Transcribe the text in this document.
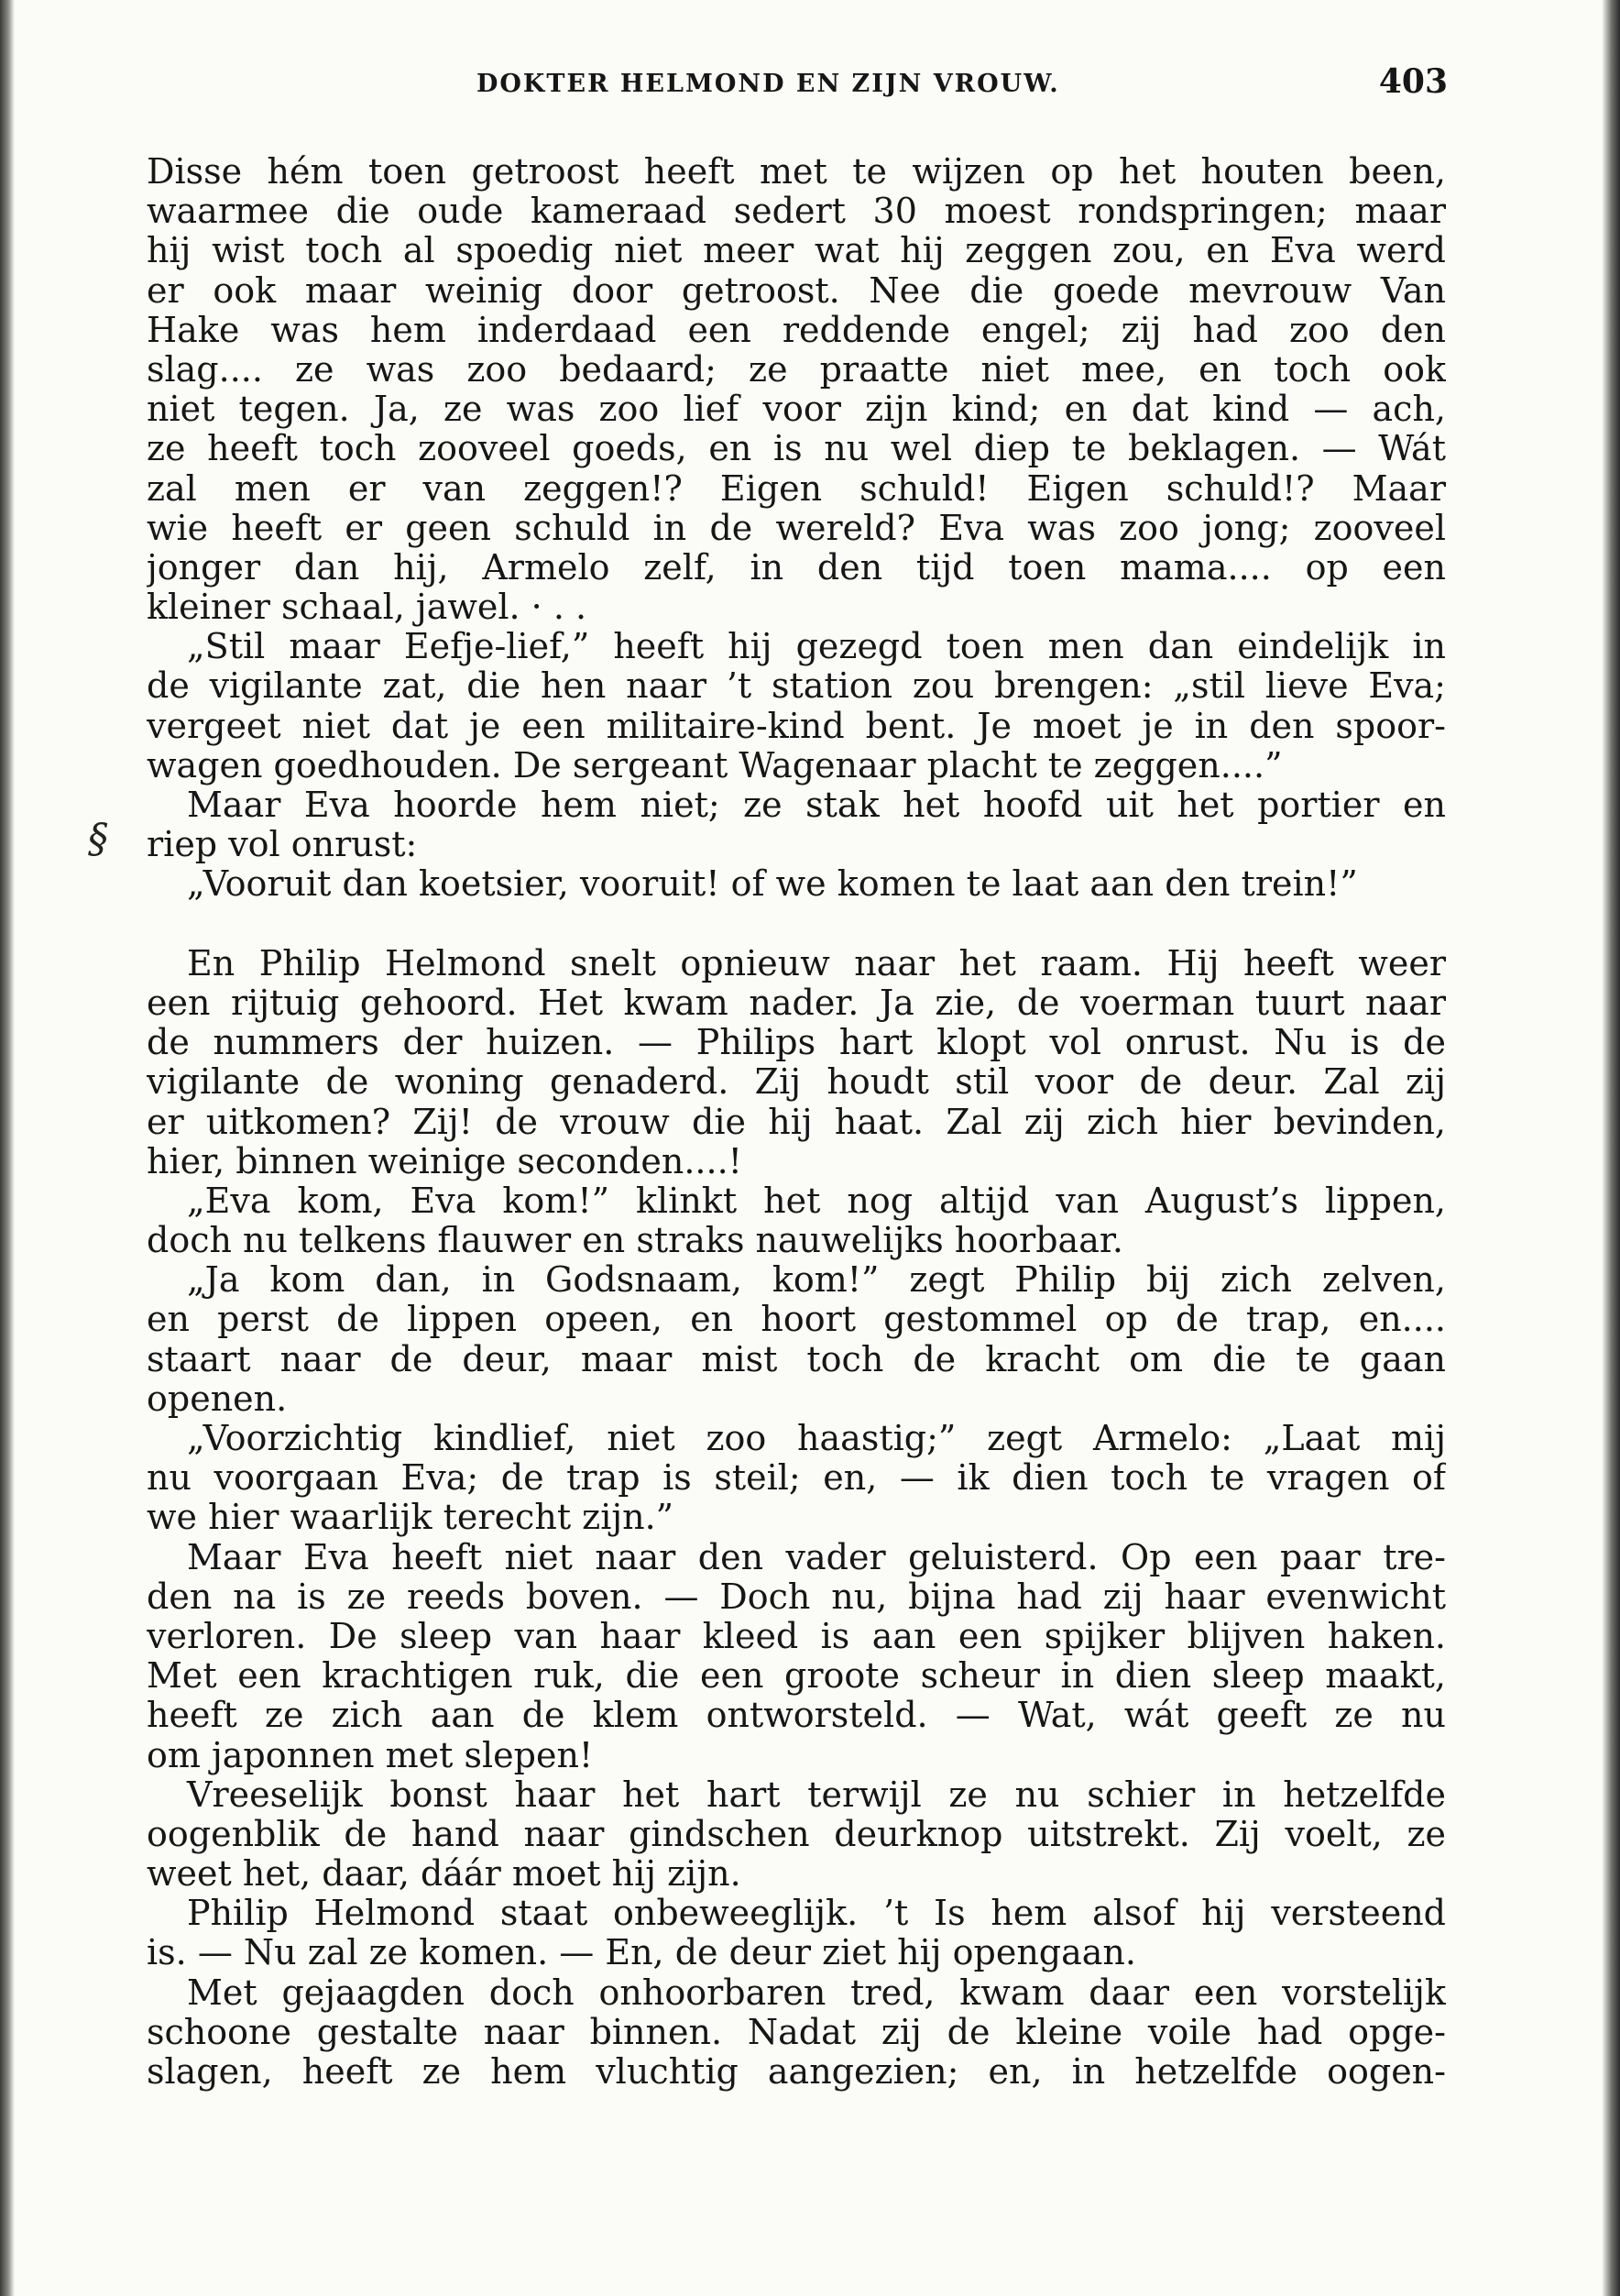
DOKTER HELMOND EN ZIJN VROUW.	403
§
Disse hém toen getroost heeft met te wijzen op het houten been,
waarmee die oude kameraad sedert 30 moest rondspringen; maar
hij wist toch al spoedig niet meer wat hij zeggen zou, en Eva werd
er ook maar weinig door getroost. Nee die goede mevrouw Van
Hake was hem inderdaad een reddende engel; zij had zoo den
slag.... ze was zoo bedaard; ze praatte niet mee, en toch ook
niet tegen. Ja, ze was zoo lief voor zijn kind; en dat kind — ach,
ze heeft toch zooveel goeds, en is nu wel diep te beklagen. — Wát
zal men er van zeggen!? Eigen schuld! Eigen schuld!? Maar
wie heeft er geen schuld in de wereld? Eva was zoo jong; zooveel
jonger dan hij, Armelo zelf, in den tijd toen mama.... op een
kleiner schaal, jawel. · . .
„Stil maar Eefje-lief,” heeft hij gezegd toen men dan eindelijk in
de vigilante zat, die hen naar ’t station zou brengen: „stil lieve Eva;
vergeet niet dat je een militaire-kind bent. Je moet je in den spoor-
wagen goedhouden. De sergeant Wagenaar placht te zeggen....”
Maar Eva hoorde hem niet; ze stak het hoofd uit het portier en
riep vol onrust:
„Vooruit dan koetsier, vooruit! of we komen te laat aan den trein!”
En Philip Helmond snelt opnieuw naar het raam. Hij heeft weer
een rijtuig gehoord. Het kwam nader. Ja zie, de voerman tuurt naar
de nummers der huizen. — Philips hart klopt vol onrust. Nu is de
vigilante de woning genaderd. Zij houdt stil voor de deur. Zal zij
er uitkomen? Zij! de vrouw die hij haat. Zal zij zich hier bevinden,
hier, binnen weinige seconden....!
„Eva kom, Eva kom!” klinkt het nog altijd van August’s lippen,
doch nu telkens flauwer en straks nauwelijks hoorbaar.
„Ja kom dan, in Godsnaam, kom!” zegt Philip bij zich zelven,
en perst de lippen opeen, en hoort gestommel op de trap, en....
staart naar de deur, maar mist toch de kracht om die te gaan
openen.
„Voorzichtig kindlief, niet zoo haastig;” zegt Armelo: „Laat mij
nu voorgaan Eva; de trap is steil; en, — ik dien toch te vragen of
we hier waarlijk terecht zijn.”
Maar Eva heeft niet naar den vader geluisterd. Op een paar tre-
den na is ze reeds boven. — Doch nu, bijna had zij haar evenwicht
verloren. De sleep van haar kleed is aan een spijker blijven haken.
Met een krachtigen ruk, die een groote scheur in dien sleep maakt,
heeft ze zich aan de klem ontworsteld. — Wat, wát geeft ze nu
om japonnen met slepen!
Vreeselijk bonst haar het hart terwijl ze nu schier in hetzelfde
oogenblik de hand naar gindschen deurknop uitstrekt. Zij voelt, ze
weet het, daar, dáár moet hij zijn.
Philip Helmond staat onbeweeglijk. ’t Is hem alsof hij versteend
is. — Nu zal ze komen. — En, de deur ziet hij opengaan.
Met gejaagden doch onhoorbaren tred, kwam daar een vorstelijk
schoone gestalte naar binnen. Nadat zij de kleine voile had opge-
slagen, heeft ze hem vluchtig aangezien; en, in hetzelfde oogen-
